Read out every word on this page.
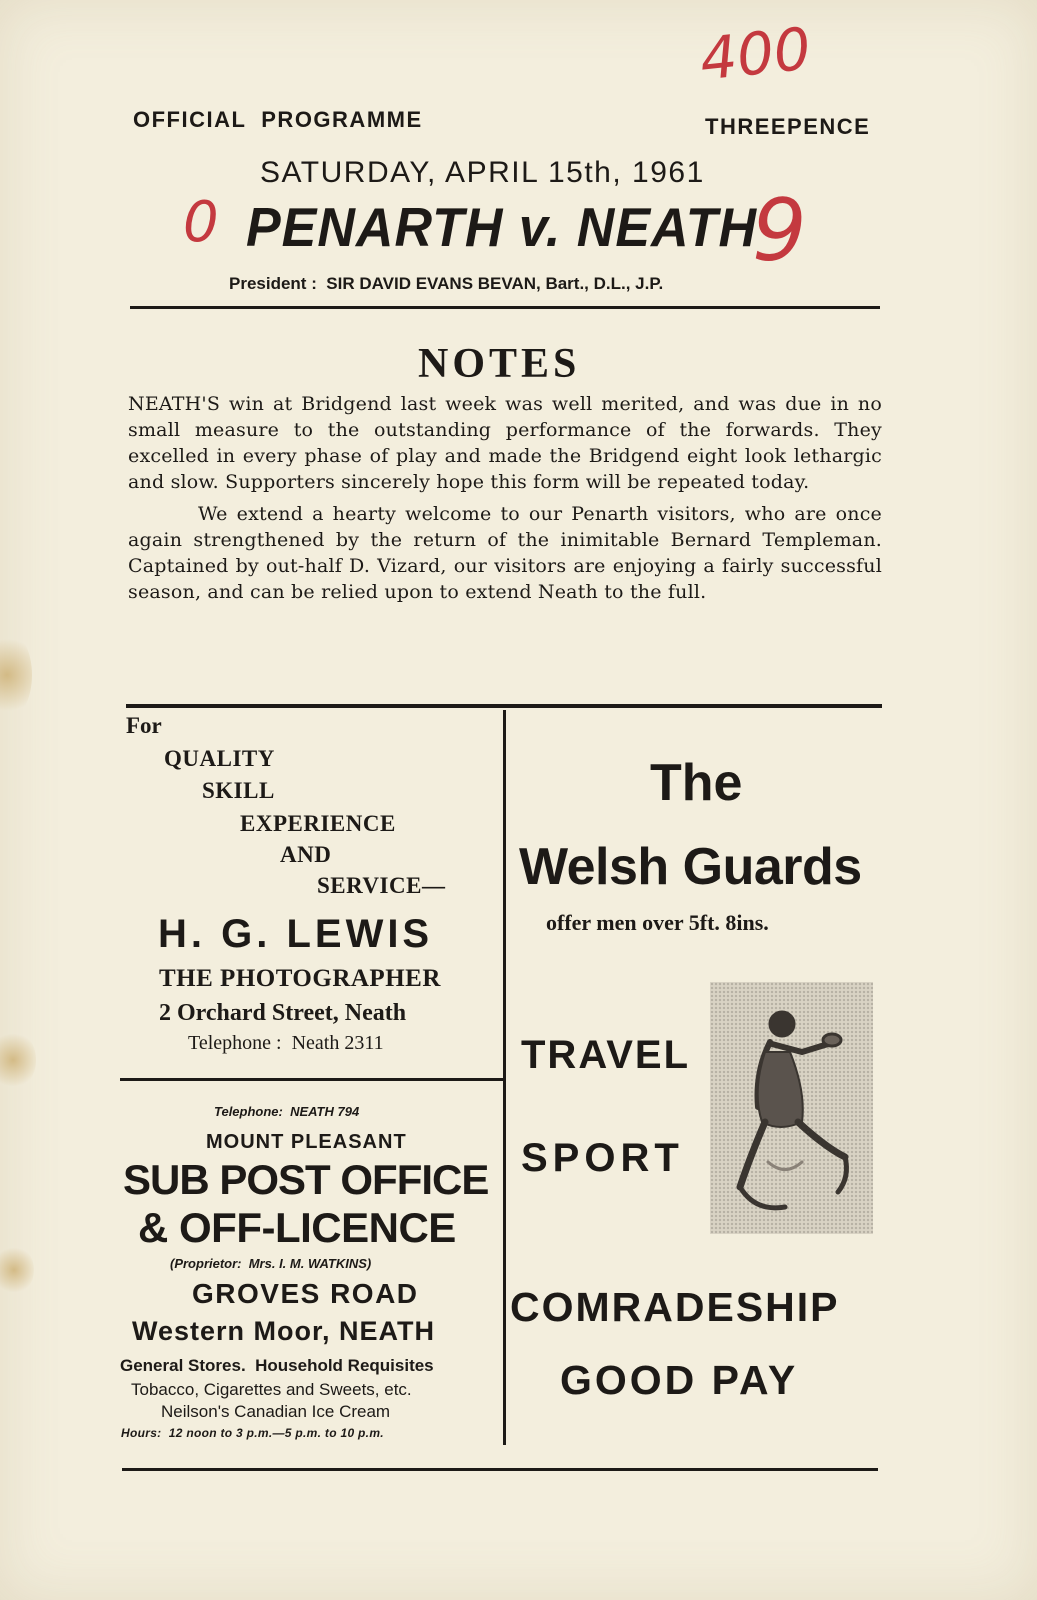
OFFICIAL  PROGRAMME	THREEPENCE
400
SATURDAY, APRIL 15th, 1961
0 PENARTH v. NEATH
9
President :  SIR DAVID EVANS BEVAN, Bart., D.L., J.P.
NOTES

NEATH'S win at Bridgend last week was well merited, and was due in no small measure to the outstanding performance of the forwards. They excelled in every phase of play and made the Bridgend eight look lethargic and slow. Supporters sincerely hope this form will be repeated today.

We extend a hearty welcome to our Penarth visitors, who are once again strengthened by the return of the inimitable Bernard Templeman. Captained by out-half D. Vizard, our visitors are enjoying a fairly successful season, and can be relied upon to extend Neath to the full.

For
QUALITY
SKILL
EXPERIENCE
AND
SERVICE—
H. G. LEWIS
THE PHOTOGRAPHER
2 Orchard Street, Neath
Telephone :  Neath 2311
Telephone:  NEATH 794
MOUNT PLEASANT
SUB POST OFFICE
& OFF-LICENCE
(Proprietor:  Mrs. I. M. WATKINS)
GROVES ROAD
Western Moor, NEATH
General Stores.  Household Requisites
Tobacco, Cigarettes and Sweets, etc.
Neilson's Canadian Ice Cream
Hours:  12 noon to 3 p.m.—5 p.m. to 10 p.m.
The
Welsh Guards
offer men over 5ft. 8ins.
TRAVEL
SPORT
COMRADESHIP
GOOD PAY
